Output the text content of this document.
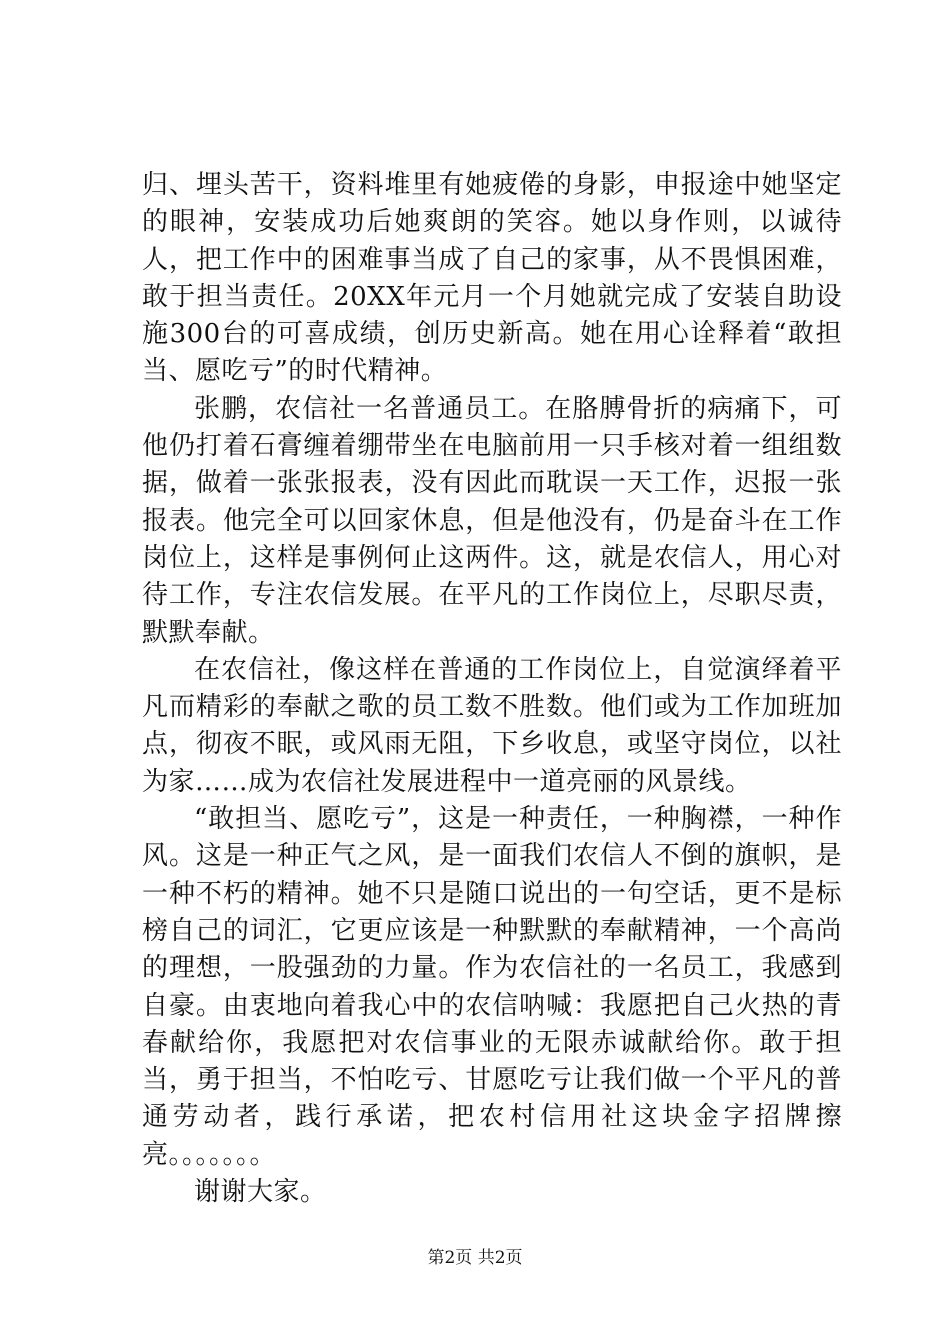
归、埋头苦干，资料堆里有她疲倦的身影，申报途中她坚定的眼神，安装成功后她爽朗的笑容。她以身作则，以诚待人，把工作中的困难事当成了自己的家事，从不畏惧困难，敢于担当责任。20XX年元月一个月她就完成了安装自助设施300台的可喜成绩，创历史新高。她在用心诠释着“敢担当、愿吃亏”的时代精神。

张鹏，农信社一名普通员工。在胳膊骨折的病痛下，可他仍打着石膏缠着绷带坐在电脑前用一只手核对着一组组数据，做着一张张报表，没有因此而耽误一天工作，迟报一张报表。他完全可以回家休息，但是他没有，仍是奋斗在工作岗位上，这样是事例何止这两件。这，就是农信人，用心对待工作，专注农信发展。在平凡的工作岗位上，尽职尽责，默默奉献。

在农信社，像这样在普通的工作岗位上，自觉演绎着平凡而精彩的奉献之歌的员工数不胜数。他们或为工作加班加点，彻夜不眠，或风雨无阻，下乡收息，或坚守岗位，以社为家……成为农信社发展进程中一道亮丽的风景线。

“敢担当、愿吃亏”，这是一种责任，一种胸襟，一种作风。这是一种正气之风，是一面我们农信人不倒的旗帜，是一种不朽的精神。她不只是随口说出的一句空话，更不是标榜自己的词汇，它更应该是一种默默的奉献精神，一个高尚的理想，一股强劲的力量。作为农信社的一名员工，我感到自豪。由衷地向着我心中的农信呐喊：我愿把自己火热的青春献给你，我愿把对农信事业的无限赤诚献给你。敢于担当，勇于担当，不怕吃亏、甘愿吃亏让我们做一个平凡的普通劳动者，践行承诺，把农村信用社这块金字招牌擦亮。。。。。。。

谢谢大家。

第2页 共2页
